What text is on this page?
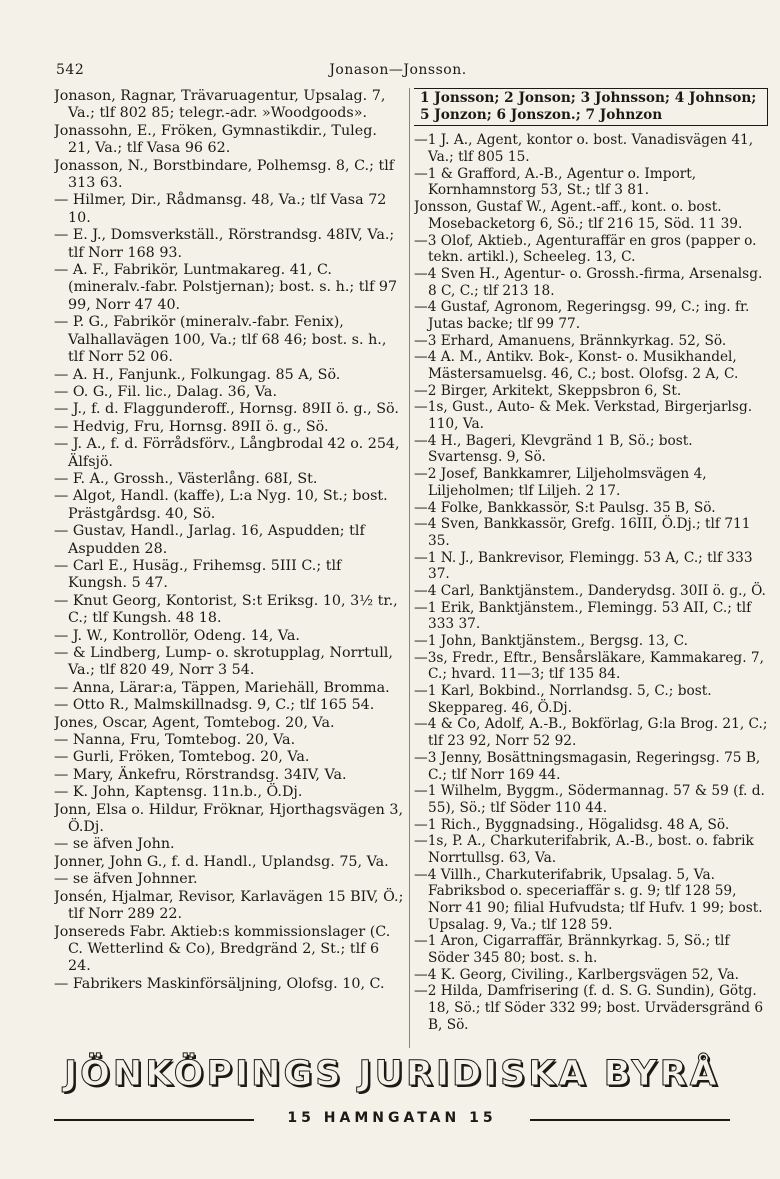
542	Jonason—Jonsson.

Jonason, Ragnar, Trävaruagentur, Upsalag. 7, Va.; tlf 802 85; telegr.-adr. »Woodgoods».

Jonassohn, E., Fröken, Gymnastikdir., Tuleg. 21, Va.; tlf Vasa 96 62.

Jonasson, N., Borstbindare, Polhemsg. 8, C.; tlf 313 63.

— Hilmer, Dir., Rådmansg. 48, Va.; tlf Vasa 72 10.

— E. J., Domsverkställ., Rörstrandsg. 48IV, Va.; tlf Norr 168 93.

— A. F., Fabrikör, Luntmakareg. 41, C. (mineralv.-fabr. Polstjernan); bost. s. h.; tlf 97 99, Norr 47 40.

— P. G., Fabrikör (mineralv.-fabr. Fenix), Valhallavägen 100, Va.; tlf 68 46; bost. s. h., tlf Norr 52 06.

— A. H., Fanjunk., Folkungag. 85 A, Sö.

— O. G., Fil. lic., Dalag. 36, Va.

— J., f. d. Flaggunderoff., Hornsg. 89II ö. g., Sö.

— Hedvig, Fru, Hornsg. 89II ö. g., Sö.

— J. A., f. d. Förrådsförv., Långbrodal 42 o. 254, Älfsjö.

— F. A., Grossh., Västerlång. 68I, St.

— Algot, Handl. (kaffe), L:a Nyg. 10, St.; bost. Prästgårdsg. 40, Sö.

— Gustav, Handl., Jarlag. 16, Aspudden; tlf Aspudden 28.

— Carl E., Husäg., Frihemsg. 5III C.; tlf Kungsh. 5 47.

— Knut Georg, Kontorist, S:t Eriksg. 10, 3½ tr., C.; tlf Kungsh. 48 18.

— J. W., Kontrollör, Odeng. 14, Va.

— & Lindberg, Lump- o. skrotupplag, Norrtull, Va.; tlf 820 49, Norr 3 54.

— Anna, Lärar:a, Täppen, Mariehäll, Bromma.

— Otto R., Malmskillnadsg. 9, C.; tlf 165 54.

Jones, Oscar, Agent, Tomtebog. 20, Va.

— Nanna, Fru, Tomtebog. 20, Va.

— Gurli, Fröken, Tomtebog. 20, Va.

— Mary, Änkefru, Rörstrandsg. 34IV, Va.

— K. John, Kaptensg. 11n.b., Ö.Dj.

Jonn, Elsa o. Hildur, Fröknar, Hjorthagsvägen 3, Ö.Dj.

— se äfven John.

Jonner, John G., f. d. Handl., Uplandsg. 75, Va.

— se äfven Johnner.

Jonsén, Hjalmar, Revisor, Karlavägen 15 BIV, Ö.; tlf Norr 289 22.

Jonsereds Fabr. Aktieb:s kommissionslager (C. C. Wetterlind & Co), Bredgränd 2, St.; tlf 6 24.

— Fabrikers Maskinförsäljning, Olofsg. 10, C.

1 Jonsson; 2 Jonson; 3 Johnsson; 4 Johnson; 5 Jonzon; 6 Jonszon.; 7 Johnzon

—1 J. A., Agent, kontor o. bost. Vanadisvägen 41, Va.; tlf 805 15.

—1 & Grafford, A.-B., Agentur o. Import, Kornhamnstorg 53, St.; tlf 3 81.

Jonsson, Gustaf W., Agent.-aff., kont. o. bost. Mosebacketorg 6, Sö.; tlf 216 15, Söd. 11 39.

—3 Olof, Aktieb., Agenturaffär en gros (papper o. tekn. artikl.), Scheeleg. 13, C.

—4 Sven H., Agentur- o. Grossh.-firma, Arsenalsg. 8 C, C.; tlf 213 18.

—4 Gustaf, Agronom, Regeringsg. 99, C.; ing. fr. Jutas backe; tlf 99 77.

—3 Erhard, Amanuens, Brännkyrkag. 52, Sö.

—4 A. M., Antikv. Bok-, Konst- o. Musikhandel, Mästersamuelsg. 46, C.; bost. Olofsg. 2 A, C.

—2 Birger, Arkitekt, Skeppsbron 6, St.

—1s, Gust., Auto- & Mek. Verkstad, Birgerjarlsg. 110, Va.

—4 H., Bageri, Klevgränd 1 B, Sö.; bost. Svartensg. 9, Sö.

—2 Josef, Bankkamrer, Liljeholmsvägen 4, Liljeholmen; tlf Liljeh. 2 17.

—4 Folke, Bankkassör, S:t Paulsg. 35 B, Sö.

—4 Sven, Bankkassör, Grefg. 16III, Ö.Dj.; tlf 711 35.

—1 N. J., Bankrevisor, Flemingg. 53 A, C.; tlf 333 37.

—4 Carl, Banktjänstem., Danderydsg. 30II ö. g., Ö.

—1 Erik, Banktjänstem., Flemingg. 53 AII, C.; tlf 333 37.

—1 John, Banktjänstem., Bergsg. 13, C.

—3s, Fredr., Eftr., Bensårsläkare, Kammakareg. 7, C.; hvard. 11—3; tlf 135 84.

—1 Karl, Bokbind., Norrlandsg. 5, C.; bost. Skeppareg. 46, Ö.Dj.

—4 & Co, Adolf, A.-B., Bokförlag, G:la Brog. 21, C.; tlf 23 92, Norr 52 92.

—3 Jenny, Bosättningsmagasin, Regeringsg. 75 B, C.; tlf Norr 169 44.

—1 Wilhelm, Byggm., Södermannag. 57 & 59 (f. d. 55), Sö.; tlf Söder 110 44.

—1 Rich., Byggnadsing., Högalidsg. 48 A, Sö.

—1s, P. A., Charkuterifabrik, A.-B., bost. o. fabrik Norrtullsg. 63, Va.

—4 Villh., Charkuterifabrik, Upsalag. 5, Va. Fabriksbod o. speceriaffär s. g. 9; tlf 128 59, Norr 41 90; filial Hufvudsta; tlf Hufv. 1 99; bost. Upsalag. 9, Va.; tlf 128 59.

—1 Aron, Cigarraffär, Brännkyrkag. 5, Sö.; tlf Söder 345 80; bost. s. h.

—4 K. Georg, Civiling., Karlbergsvägen 52, Va.

—2 Hilda, Damfrisering (f. d. S. G. Sundin), Götg. 18, Sö.; tlf Söder 332 99; bost. Urvädersgränd 6 B, Sö.

JÖNKÖPINGS JURIDISKA BYRÅ
15 HAMNGATAN 15
